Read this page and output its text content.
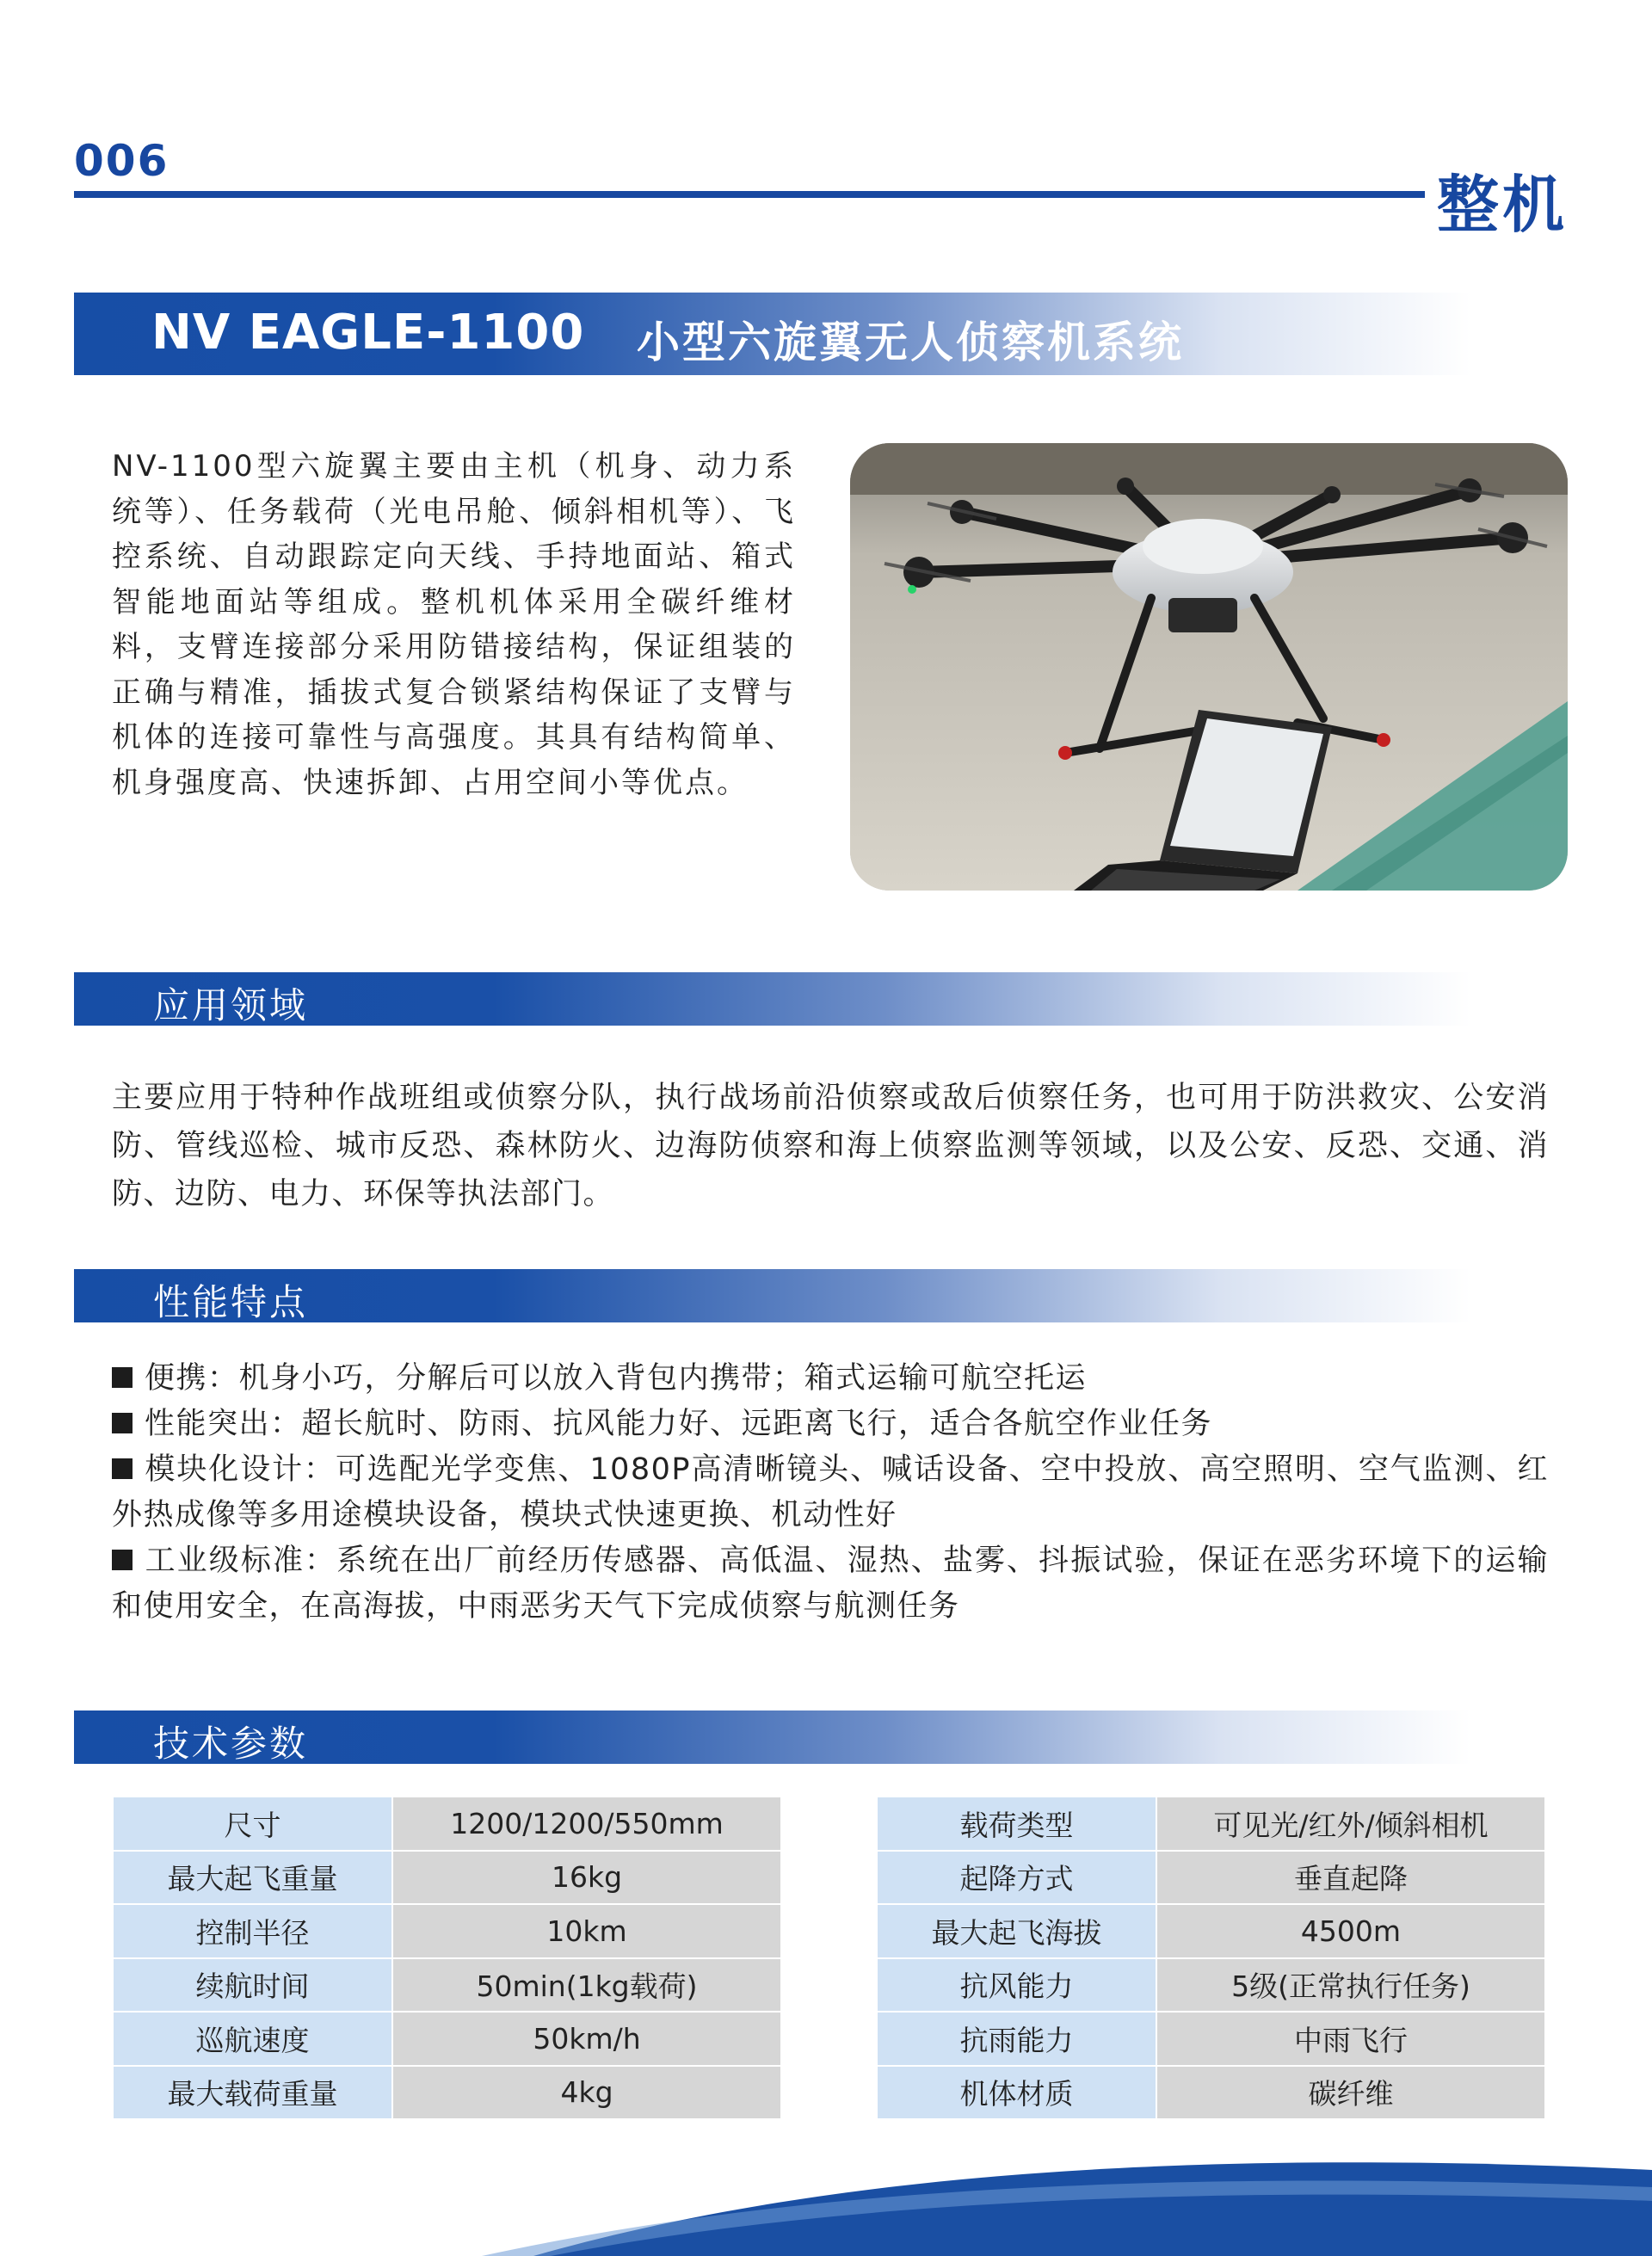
006
整机
NV EAGLE-1100 小型六旋翼无人侦察机系统
NV-1100型六旋翼主要由主机（机身、动力系统等）、任务载荷（光电吊舱、倾斜相机等）、飞控系统、自动跟踪定向天线、手持地面站、箱式智能地面站等组成。整机机体采用全碳纤维材料，支臂连接部分采用防错接结构，保证组装的正确与精准，插拔式复合锁紧结构保证了支臂与机体的连接可靠性与高强度。其具有结构简单、机身强度高、快速拆卸、占用空间小等优点。
应用领域
主要应用于特种作战班组或侦察分队，执行战场前沿侦察或敌后侦察任务，也可用于防洪救灾、公安消防、管线巡检、城市反恐、森林防火、边海防侦察和海上侦察监测等领域，以及公安、反恐、交通、消防、边防、电力、环保等执法部门。
性能特点
便携：机身小巧，分解后可以放入背包内携带；箱式运输可航空托运
性能突出：超长航时、防雨、抗风能力好、远距离飞行，适合各航空作业任务
模块化设计：可选配光学变焦、1080P高清晰镜头、喊话设备、空中投放、高空照明、空气监测、红外热成像等多用途模块设备，模块式快速更换、机动性好
工业级标准：系统在出厂前经历传感器、高低温、湿热、盐雾、抖振试验，保证在恶劣环境下的运输和使用安全，在高海拔，中雨恶劣天气下完成侦察与航测任务
技术参数
尺寸	1200/1200/550mm
最大起飞重量	16kg
控制半径	10km
续航时间	50min(1kg载荷)
巡航速度	50km/h
最大载荷重量	4kg
载荷类型	可见光/红外/倾斜相机
起降方式	垂直起降
最大起飞海拔	4500m
抗风能力	5级(正常执行任务)
抗雨能力	中雨飞行
机体材质	碳纤维
